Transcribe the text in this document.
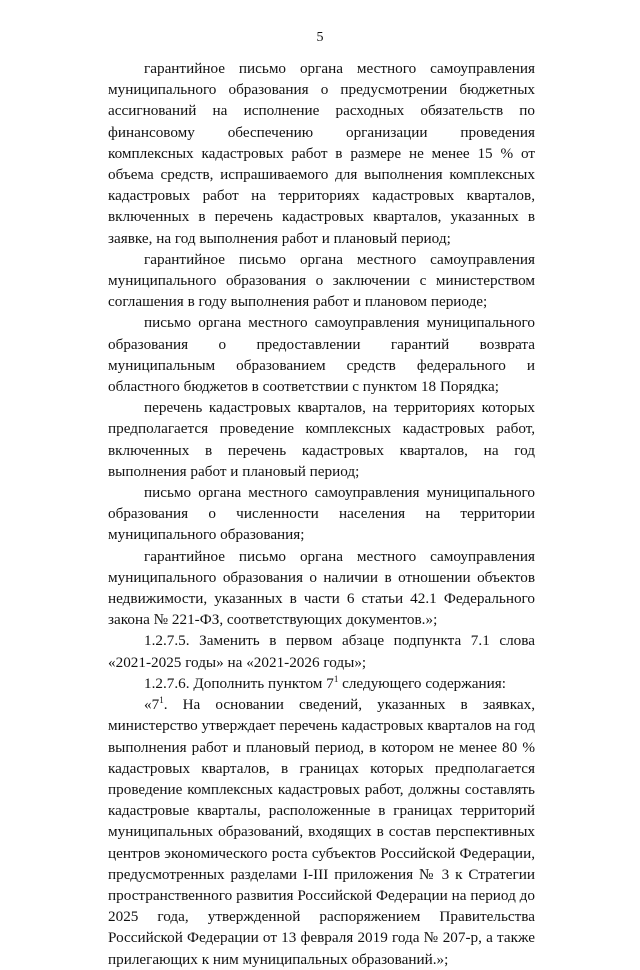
5

гарантийное письмо органа местного самоуправления муниципального образования о предусмотрении бюджетных ассигнований на исполнение расходных обязательств по финансовому обеспечению организации проведения комплексных кадастровых работ в размере не менее 15 % от объема средств, испрашиваемого для выполнения комплексных кадастровых работ на территориях кадастровых кварталов, включенных в перечень кадастровых кварталов, указанных в заявке, на год выполнения работ и плановый период;

гарантийное письмо органа местного самоуправления муниципального образования о заключении с министерством соглашения в году выполнения работ и плановом периоде;

письмо органа местного самоуправления муниципального образования о предоставлении гарантий возврата муниципальным образованием средств федерального и областного бюджетов в соответствии с пунктом 18 Порядка;

перечень кадастровых кварталов, на территориях которых предполагается проведение комплексных кадастровых работ, включенных в перечень кадастровых кварталов, на год выполнения работ и плановый период;

письмо органа местного самоуправления муниципального образования о численности населения на территории муниципального образования;

гарантийное письмо органа местного самоуправления муниципального образования о наличии в отношении объектов недвижимости, указанных в части 6 статьи 42.1 Федерального закона № 221-ФЗ, соответствующих документов.»;

1.2.7.5. Заменить в первом абзаце подпункта 7.1 слова «2021-2025 годы» на «2021-2026 годы»;

1.2.7.6. Дополнить пунктом $7^1$ следующего содержания:

«$7^1$. На основании сведений, указанных в заявках, министерство утверждает перечень кадастровых кварталов на год выполнения работ и плановый период, в котором не менее 80 % кадастровых кварталов, в границах которых предполагается проведение комплексных кадастровых работ, должны составлять кадастровые кварталы, расположенные в границах территорий муниципальных образований, входящих в состав перспективных центров экономического роста субъектов Российской Федерации, предусмотренных разделами I-III приложения № 3 к Стратегии пространственного развития Российской Федерации на период до 2025 года, утвержденной распоряжением Правительства Российской Федерации от 13 февраля 2019 года № 207-р, а также прилегающих к ним муниципальных образований.»;
